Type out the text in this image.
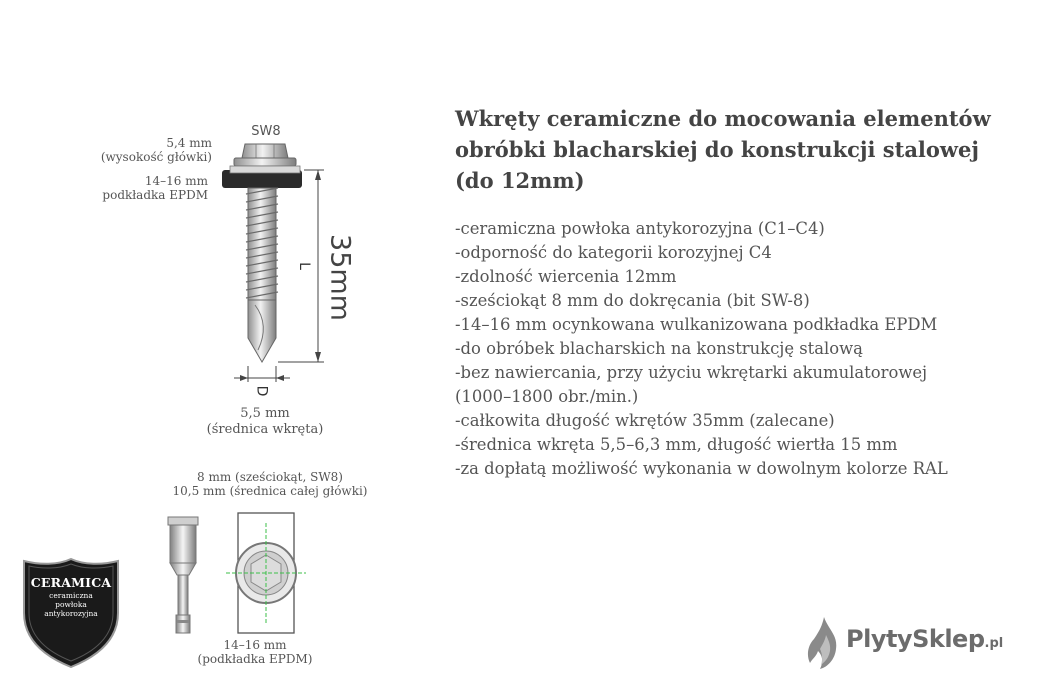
Wkręty ceramiczne do mocowania elementów
obróbki blacharskiej do konstrukcji stalowej
(do 12mm)
-ceramiczna powłoka antykorozyjna (C1–C4)
-odporność do kategorii korozyjnej C4
-zdolność wiercenia 12mm
-sześciokąt 8 mm do dokręcania (bit SW-8)
-14–16 mm ocynkowana wulkanizowana podkładka EPDM
-do obróbek blacharskich na konstrukcję stalową
-bez nawiercania, przy użyciu wkrętarki akumulatorowej
(1000–1800 obr./min.)
-całkowita długość wkrętów 35mm (zalecane)
-średnica wkręta 5,5–6,3 mm, długość wiertła 15 mm
-za dopłatą możliwość wykonania w dowolnym kolorze RAL
SW8
5,4 mm
(wysokość główki)
14–16 mm
podkładka EPDM
5,5 mm
(średnica wkręta)
8 mm (sześciokąt, SW8)
10,5 mm (średnica całej główki)
14–16 mm
(podkładka EPDM)
L 35mm
D
CERAMICA
ceramiczna
powłoka
antykorozyjna
PlytySklep.pl
